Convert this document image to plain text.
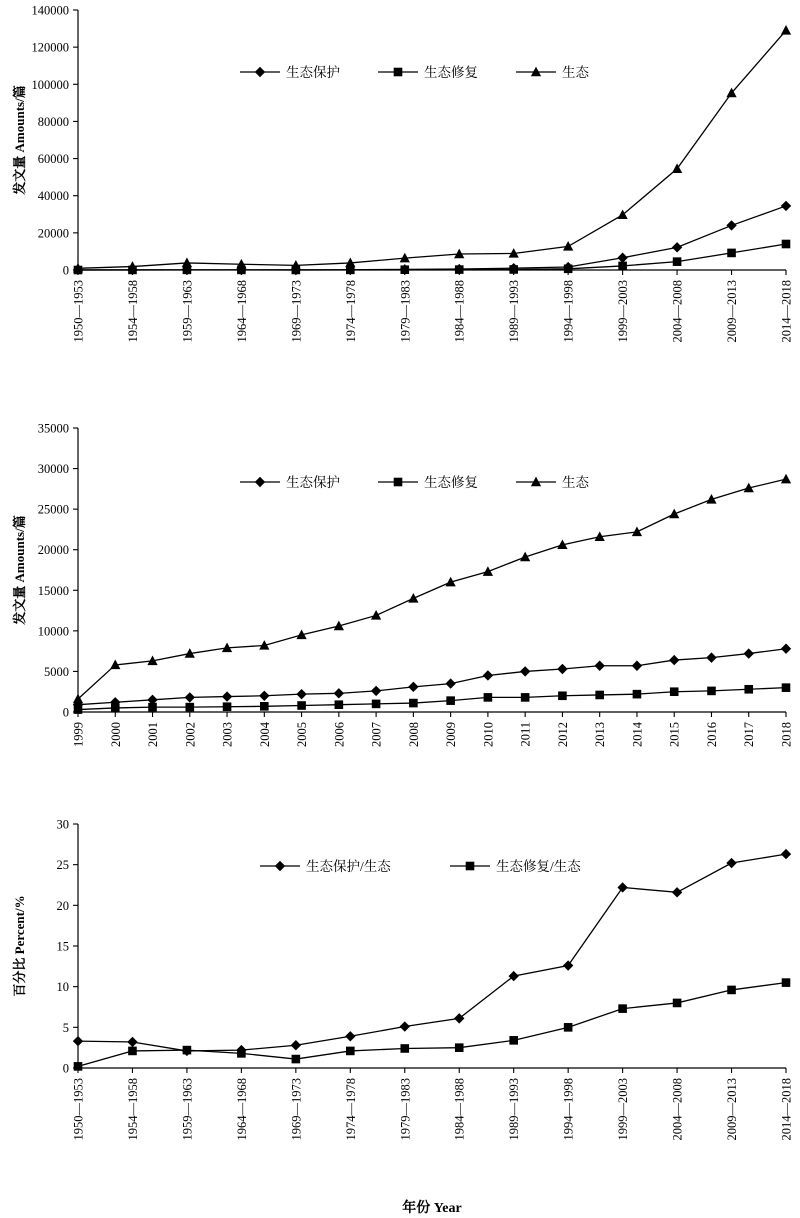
0
20000
40000
60000
80000
100000
120000
140000
1950—1953	1954—1958	1959—1963	1964—1968	1969—1973	1974—1978	1979—1983	1984—1988	1989—1993	1994—1998	1999—2003	2004—2008	2009—2013	2014—2018
发文量 Amounts/篇
生态保护	生态修复	生态
0
5000
10000
15000
20000
25000
30000
35000
1999 2000 2001 2002 2003 2004 2005 2006 2007 2008 2009 2010 2011 2012 2013 2014 2015 2016 2017 2018
发文量 Amounts/篇
生态保护	生态修复	生态
0
5
10
15
20
25
30
1950—1953	1954—1958	1959—1963	1964—1968	1969—1973	1974—1978	1979—1983	1984—1988	1989—1993	1994—1998	1999—2003	2004—2008	2009—2013	2014—2018
百分比 Percent/%
生态保护/生态	生态修复/生态
年份 Year
